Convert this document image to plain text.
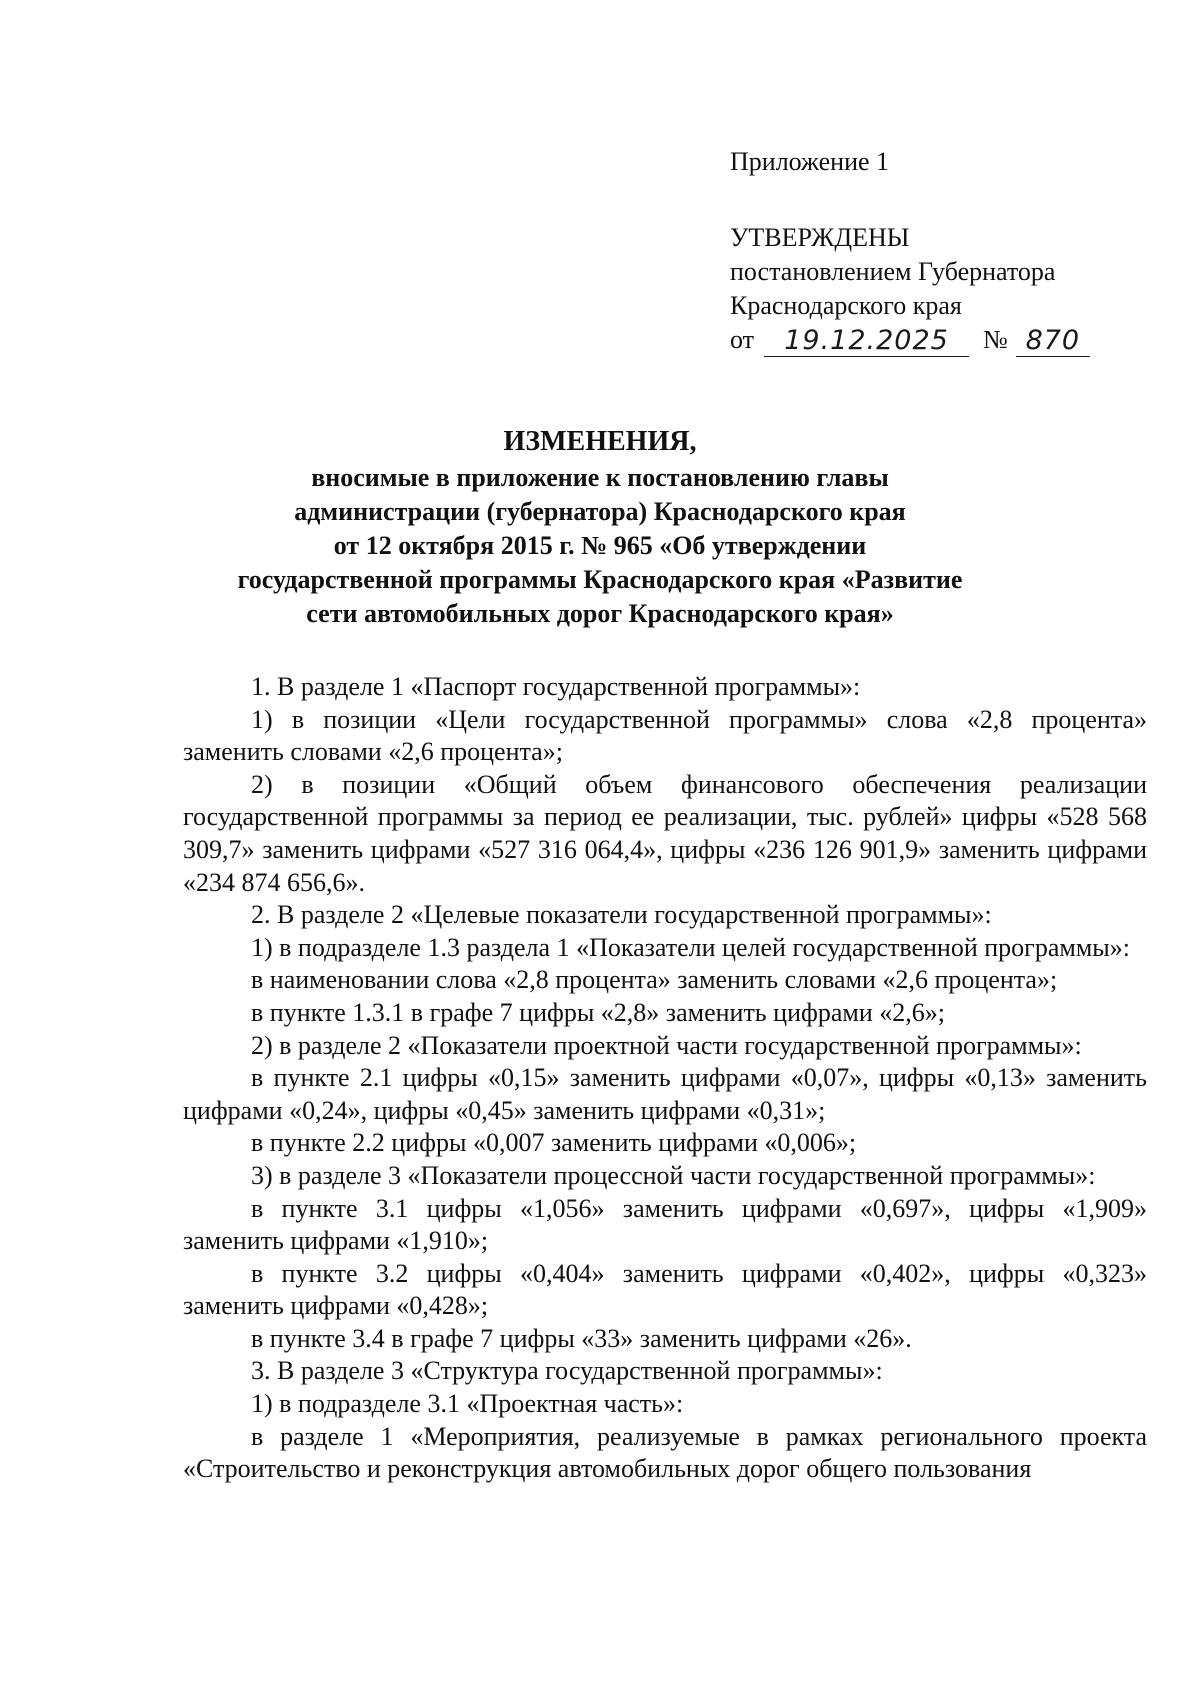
Приложение 1
УТВЕРЖДЕНЫ
постановлением Губернатора
Краснодарского края
от	19.12.2025	№ 870
ИЗМЕНЕНИЯ,
вносимые в приложение к постановлению главы
администрации (губернатора) Краснодарского края
от 12 октября 2015 г. № 965 «Об утверждении
государственной программы Краснодарского края «Развитие
сети автомобильных дорог Краснодарского края»

1. В разделе 1 «Паспорт государственной программы»:

1) в позиции «Цели государственной программы» слова «2,8 процента» заменить словами «2,6 процента»;

2) в позиции «Общий объем финансового обеспечения реализации государственной программы за период ее реализации, тыс. рублей» цифры «528 568 309,7» заменить цифрами «527 316 064,4», цифры «236 126 901,9» заменить цифрами «234 874 656,6».

2. В разделе 2 «Целевые показатели государственной программы»:

1) в подразделе 1.3 раздела 1 «Показатели целей государственной программы»:

в наименовании слова «2,8 процента» заменить словами «2,6 процента»;

в пункте 1.3.1 в графе 7 цифры «2,8» заменить цифрами «2,6»;

2) в разделе 2 «Показатели проектной части государственной программы»:

в пункте 2.1 цифры «0,15» заменить цифрами «0,07», цифры «0,13» заменить цифрами «0,24», цифры «0,45» заменить цифрами «0,31»;

в пункте 2.2 цифры «0,007 заменить цифрами «0,006»;

3) в разделе 3 «Показатели процессной части государственной программы»:

в пункте 3.1 цифры «1,056» заменить цифрами «0,697», цифры «1,909» заменить цифрами «1,910»;

в пункте 3.2 цифры «0,404» заменить цифрами «0,402», цифры «0,323» заменить цифрами «0,428»;

в пункте 3.4 в графе 7 цифры «33» заменить цифрами «26».

3. В разделе 3 «Структура государственной программы»:

1) в подразделе 3.1 «Проектная часть»:

в разделе 1 «Мероприятия, реализуемые в рамках регионального проекта «Строительство и реконструкция автомобильных дорог общего пользования
